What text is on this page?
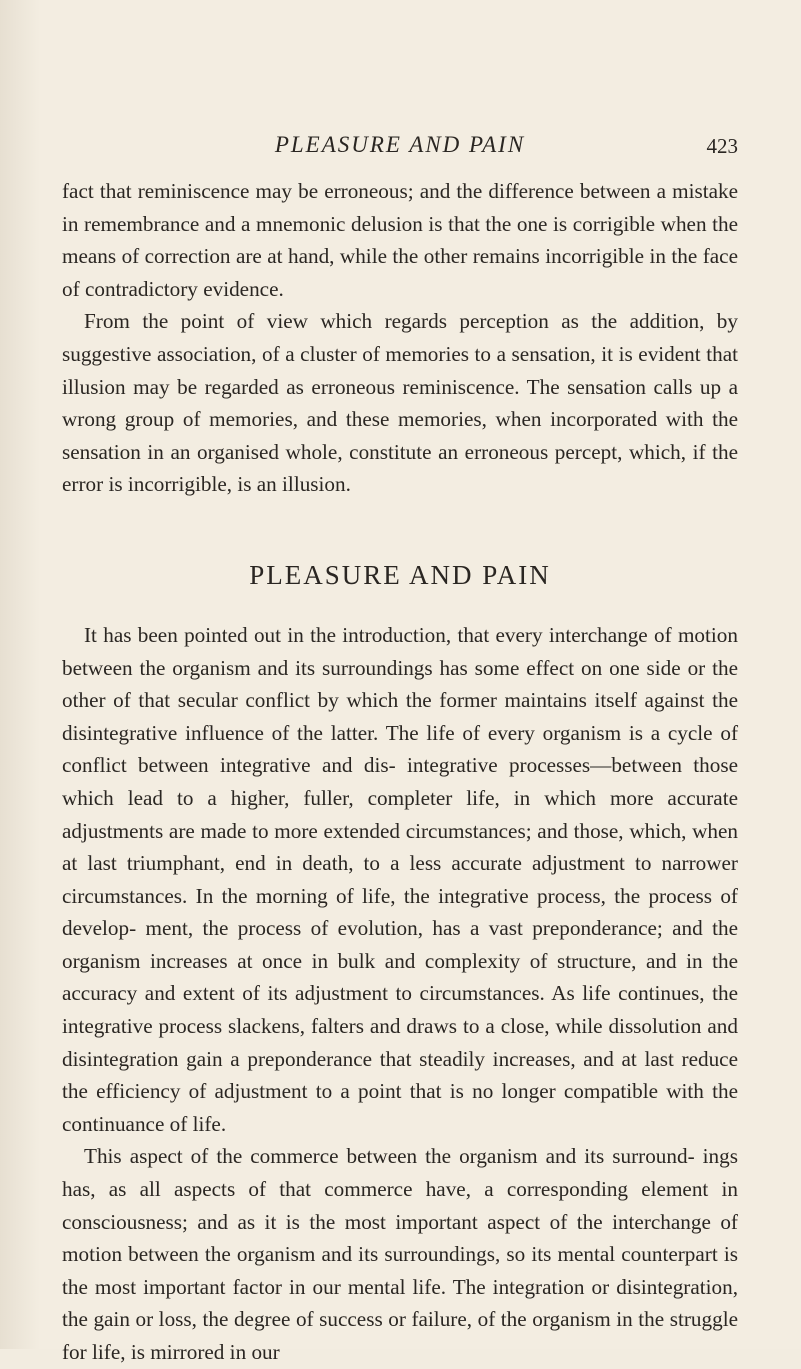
PLEASURE AND PAIN	423

fact that reminiscence may be erroneous; and the difference between a mistake in remembrance and a mnemonic delusion is that the one is corrigible when the means of correction are at hand, while the other remains incorrigible in the face of contradictory evidence.

From the point of view which regards perception as the addition, by suggestive association, of a cluster of memories to a sensation, it is evident that illusion may be regarded as erroneous reminiscence. The sensation calls up a wrong group of memories, and these memories, when incorporated with the sensation in an organised whole, constitute an erroneous percept, which, if the error is incorrigible, is an illusion.

PLEASURE AND PAIN

It has been pointed out in the introduction, that every interchange of motion between the organism and its surroundings has some effect on one side or the other of that secular conflict by which the former maintains itself against the disintegrative influence of the latter. The life of every organism is a cycle of conflict between integrative and dis- integrative processes—between those which lead to a higher, fuller, completer life, in which more accurate adjustments are made to more extended circumstances; and those, which, when at last triumphant, end in death, to a less accurate adjustment to narrower circumstances. In the morning of life, the integrative process, the process of develop- ment, the process of evolution, has a vast preponderance; and the organism increases at once in bulk and complexity of structure, and in the accuracy and extent of its adjustment to circumstances. As life continues, the integrative process slackens, falters and draws to a close, while dissolution and disintegration gain a preponderance that steadily increases, and at last reduce the efficiency of adjustment to a point that is no longer compatible with the continuance of life.

This aspect of the commerce between the organism and its surround- ings has, as all aspects of that commerce have, a corresponding element in consciousness; and as it is the most important aspect of the interchange of motion between the organism and its surroundings, so its mental counterpart is the most important factor in our mental life. The integration or disintegration, the gain or loss, the degree of success or failure, of the organism in the struggle for life, is mirrored in our
